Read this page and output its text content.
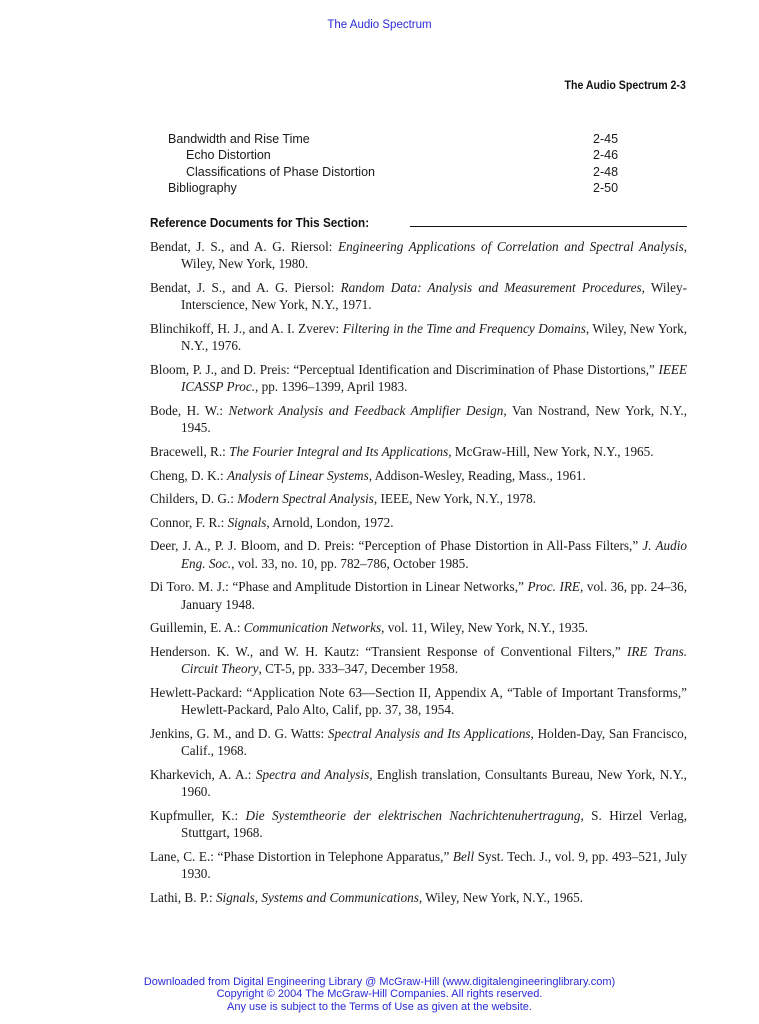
The Audio Spectrum
The Audio Spectrum 2-3
Bandwidth and Rise Time	2-45
Echo Distortion	2-46
Classifications of Phase Distortion	2-48
Bibliography	2-50
Reference Documents for This Section:
Bendat, J. S., and A. G. Riersol: Engineering Applications of Correlation and Spectral Analysis, Wiley, New York, 1980.
Bendat, J. S., and A. G. Piersol: Random Data: Analysis and Measurement Procedures, Wiley-Interscience, New York, N.Y., 1971.
Blinchikoff, H. J., and A. I. Zverev: Filtering in the Time and Frequency Domains, Wiley, New York, N.Y., 1976.
Bloom, P. J., and D. Preis: “Perceptual Identification and Discrimination of Phase Distortions,” IEEE ICASSP Proc., pp. 1396–1399, April 1983.
Bode, H. W.: Network Analysis and Feedback Amplifier Design, Van Nostrand, New York, N.Y., 1945.
Bracewell, R.: The Fourier Integral and Its Applications, McGraw-Hill, New York, N.Y., 1965.
Cheng, D. K.: Analysis of Linear Systems, Addison-Wesley, Reading, Mass., 1961.
Childers, D. G.: Modern Spectral Analysis, IEEE, New York, N.Y., 1978.
Connor, F. R.: Signals, Arnold, London, 1972.
Deer, J. A., P. J. Bloom, and D. Preis: “Perception of Phase Distortion in All-Pass Filters,” J. Audio Eng. Soc., vol. 33, no. 10, pp. 782–786, October 1985.
Di Toro. M. J.: “Phase and Amplitude Distortion in Linear Networks,” Proc. IRE, vol. 36, pp. 24–36, January 1948.
Guillemin, E. A.: Communication Networks, vol. 11, Wiley, New York, N.Y., 1935.
Henderson. K. W., and W. H. Kautz: “Transient Response of Conventional Filters,” IRE Trans. Circuit Theory, CT-5, pp. 333–347, December 1958.
Hewlett-Packard: “Application Note 63—Section II, Appendix A, “Table of Important Transforms,” Hewlett-Packard, Palo Alto, Calif, pp. 37, 38, 1954.
Jenkins, G. M., and D. G. Watts: Spectral Analysis and Its Applications, Holden-Day, San Francisco, Calif., 1968.
Kharkevich, A. A.: Spectra and Analysis, English translation, Consultants Bureau, New York, N.Y., 1960.
Kupfmuller, K.: Die Systemtheorie der elektrischen Nachrichtenuhertragung, S. Hirzel Verlag, Stuttgart, 1968.
Lane, C. E.: “Phase Distortion in Telephone Apparatus,” Bell Syst. Tech. J., vol. 9, pp. 493–521, July 1930.
Lathi, B. P.: Signals, Systems and Communications, Wiley, New York, N.Y., 1965.
Downloaded from Digital Engineering Library @ McGraw-Hill (www.digitalengineeringlibrary.com)
Copyright © 2004 The McGraw-Hill Companies. All rights reserved.
Any use is subject to the Terms of Use as given at the website.
